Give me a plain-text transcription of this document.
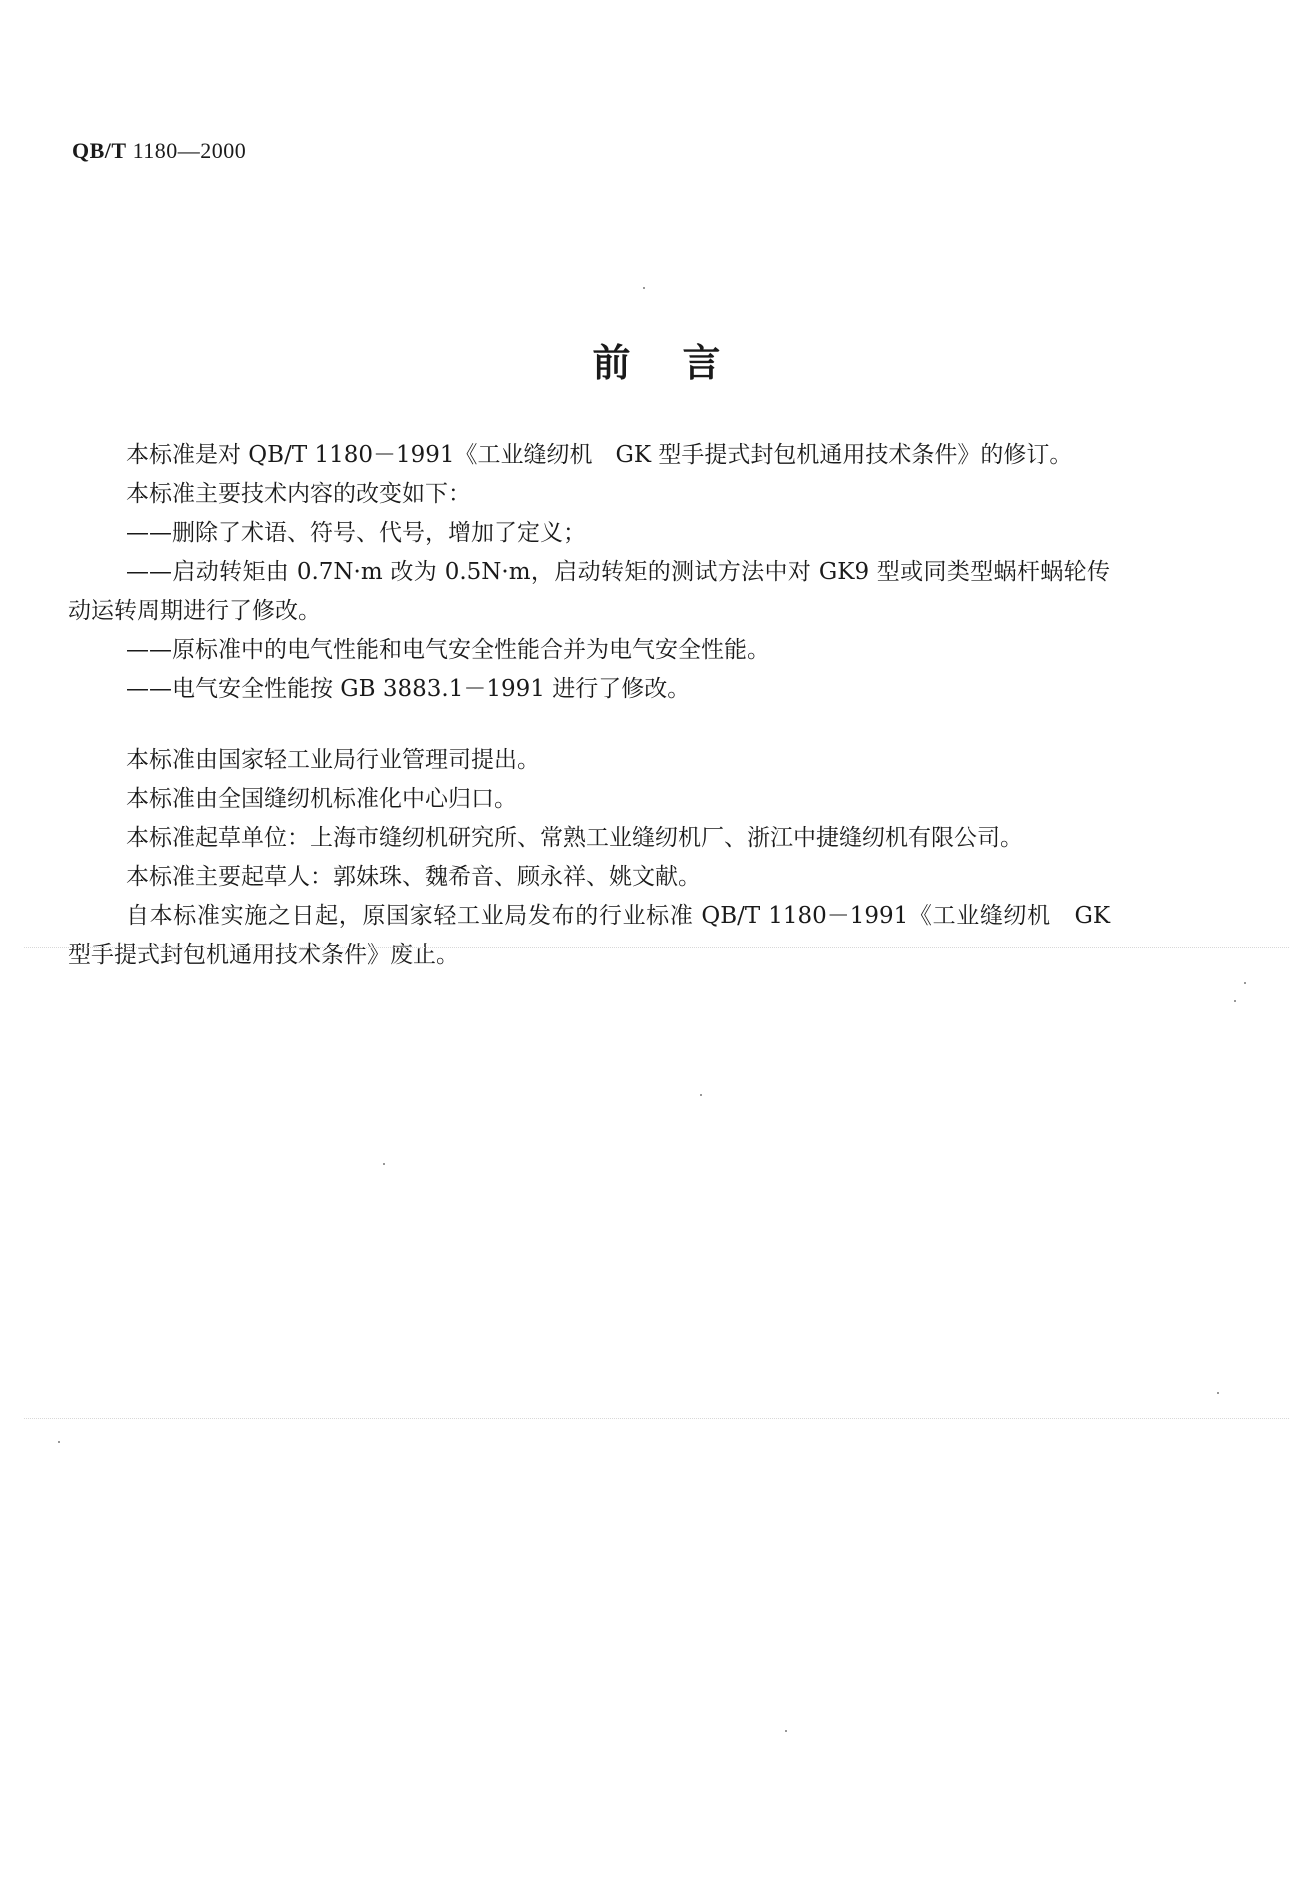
QB/T 1180—2000
前言

本标准是对 QB/T 1180－1991《工业缝纫机　GK 型手提式封包机通用技术条件》的修订。

本标准主要技术内容的改变如下：

——删除了术语、符号、代号，增加了定义；

——启动转矩由 0.7N·m 改为 0.5N·m，启动转矩的测试方法中对 GK9 型或同类型蜗杆蜗轮传动运转周期进行了修改。

——原标准中的电气性能和电气安全性能合并为电气安全性能。

——电气安全性能按 GB 3883.1－1991 进行了修改。

本标准由国家轻工业局行业管理司提出。

本标准由全国缝纫机标准化中心归口。

本标准起草单位：上海市缝纫机研究所、常熟工业缝纫机厂、浙江中捷缝纫机有限公司。

本标准主要起草人：郭妹珠、魏希音、顾永祥、姚文献。

自本标准实施之日起，原国家轻工业局发布的行业标准 QB/T 1180－1991《工业缝纫机　GK 型手提式封包机通用技术条件》废止。
